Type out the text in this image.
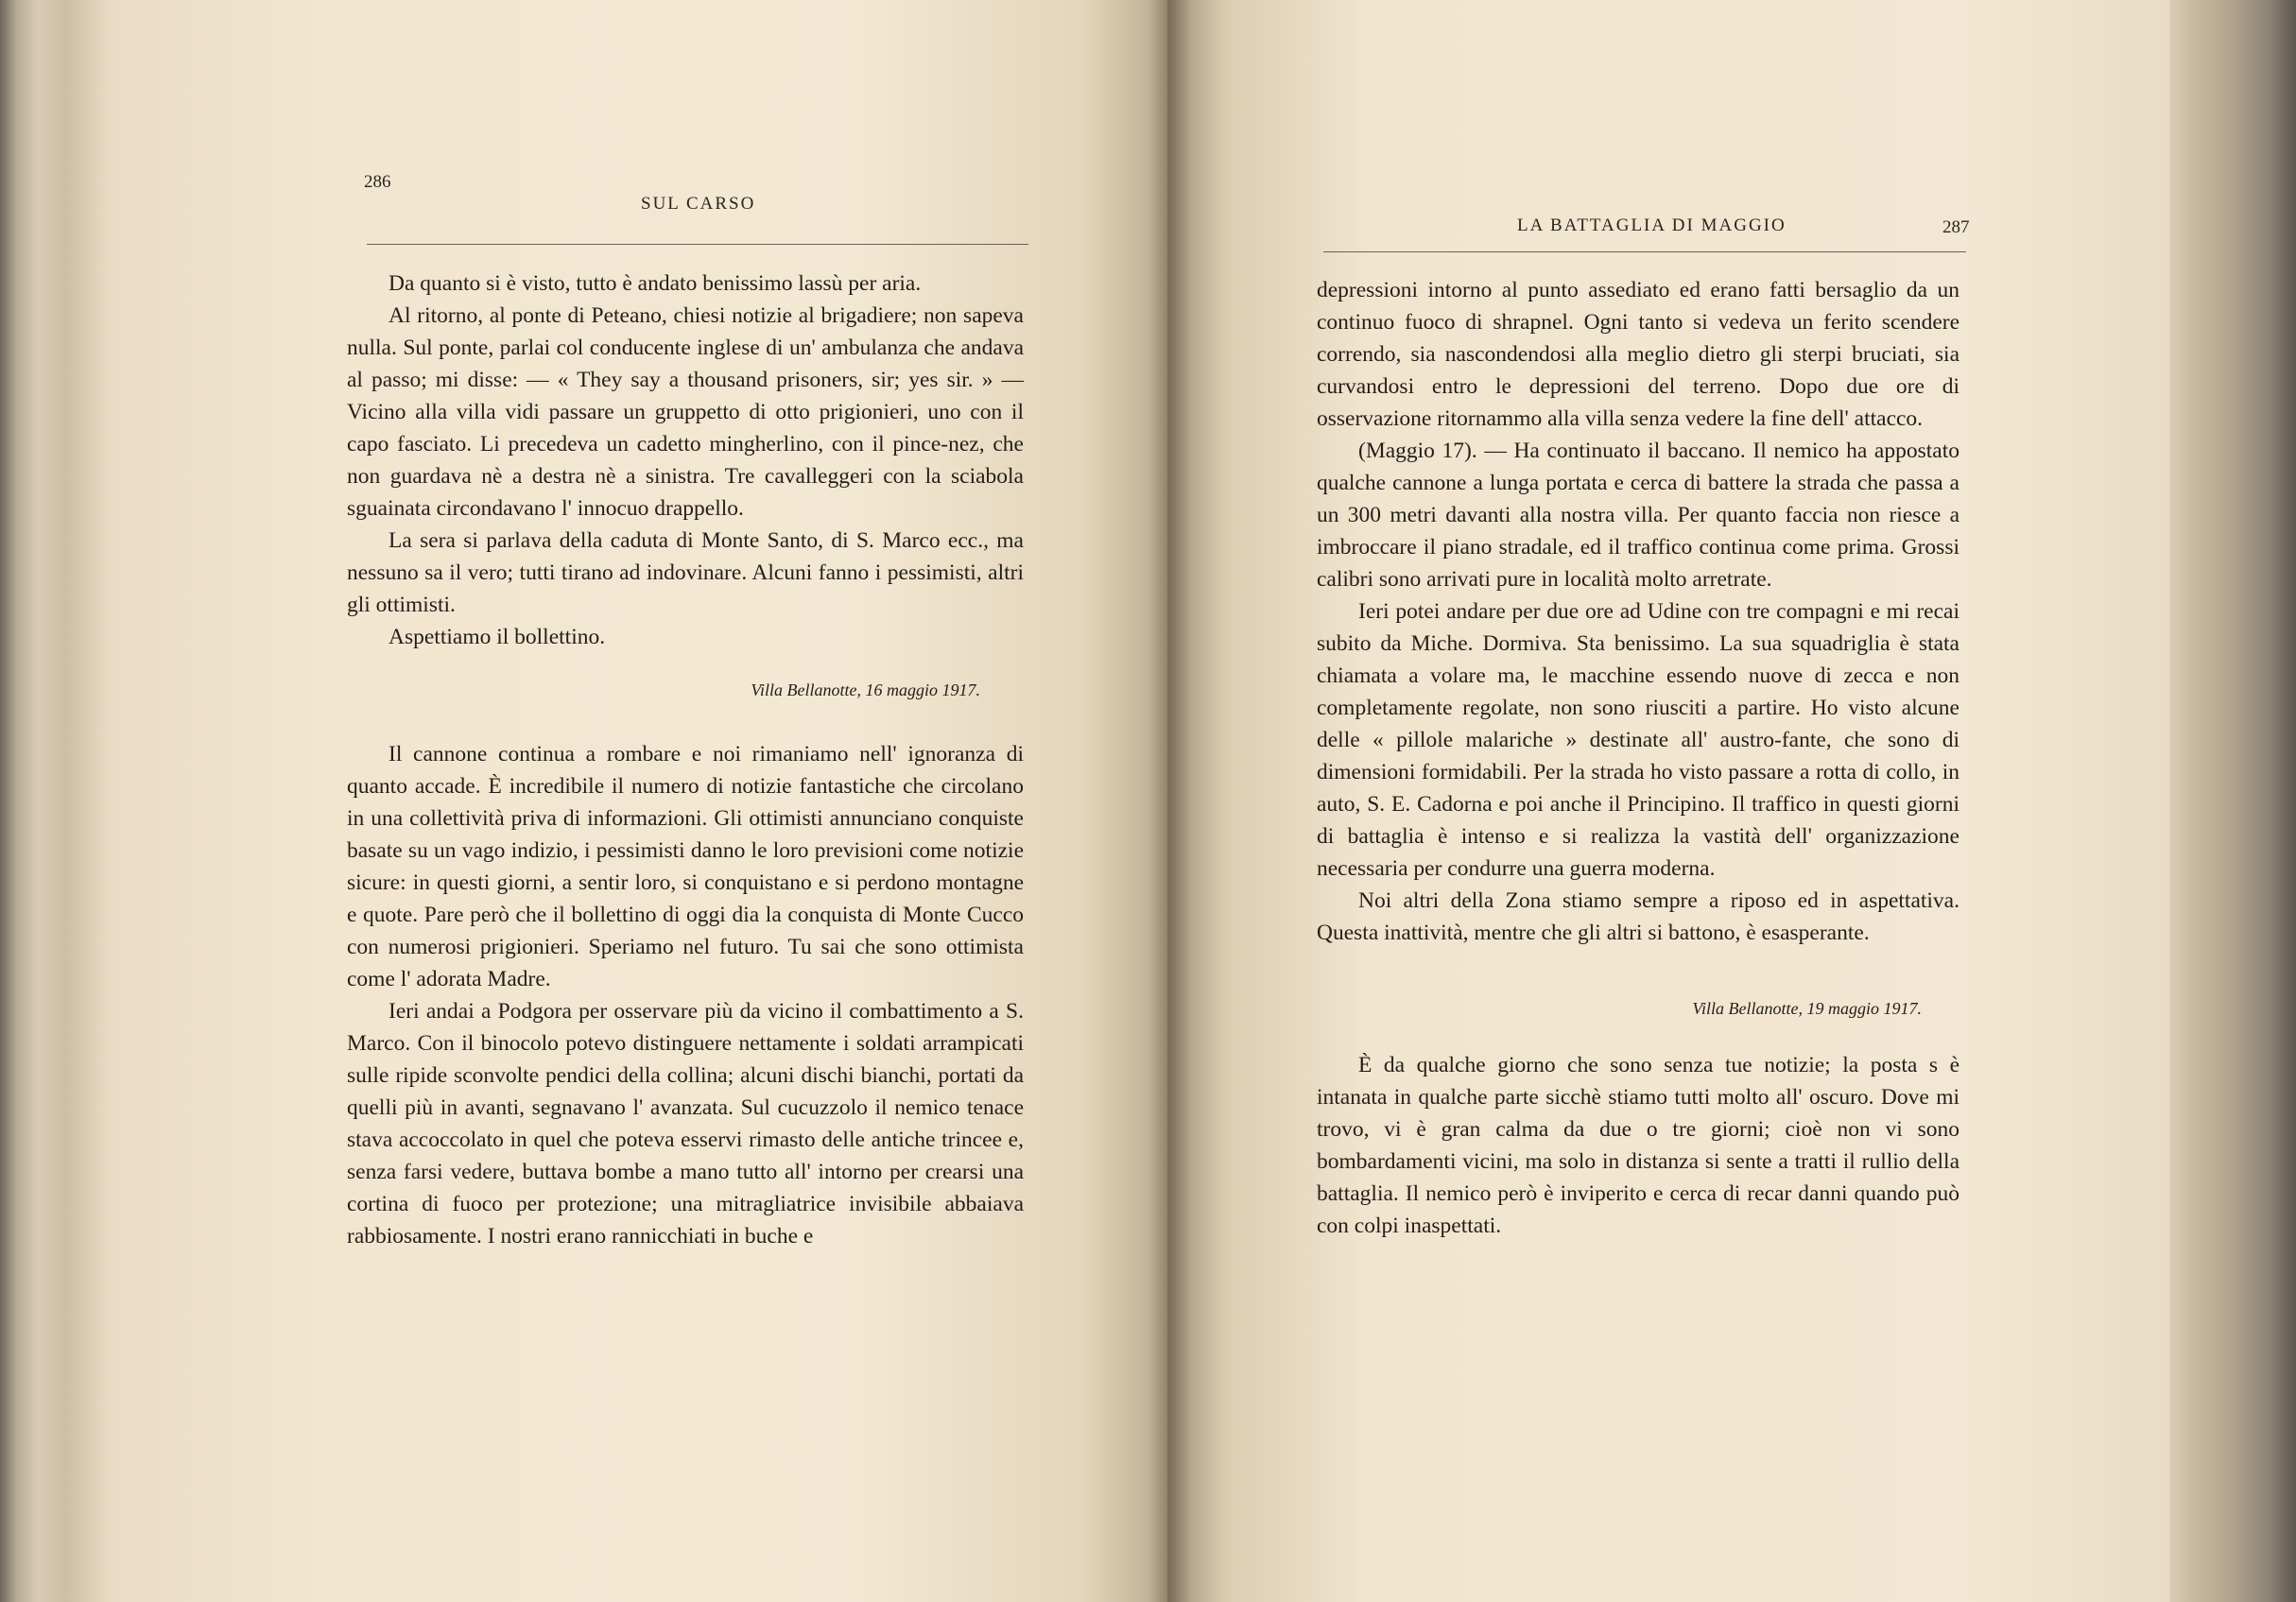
286
SUL CARSO

Da quanto si è visto, tutto è andato benissimo lassù per aria.

Al ritorno, al ponte di Peteano, chiesi notizie al brigadiere; non sapeva nulla. Sul ponte, parlai col conducente inglese di un' ambulanza che andava al passo; mi disse: — « They say a thousand prisoners, sir; yes sir. » — Vicino alla villa vidi passare un gruppetto di otto prigionieri, uno con il capo fasciato. Li precedeva un cadetto mingherlino, con il pince-nez, che non guardava nè a destra nè a sinistra. Tre cavalleggeri con la sciabola sguainata circondavano l' innocuo drappello.

La sera si parlava della caduta di Monte Santo, di S. Marco ecc., ma nessuno sa il vero; tutti tirano ad indovinare. Alcuni fanno i pessimisti, altri gli ottimisti.

Aspettiamo il bollettino.

Villa Bellanotte, 16 maggio 1917.

Il cannone continua a rombare e noi rimaniamo nell' ignoranza di quanto accade. È incredibile il numero di notizie fantastiche che circolano in una collettività priva di informazioni. Gli ottimisti annunciano conquiste basate su un vago indizio, i pessimisti danno le loro previsioni come notizie sicure: in questi giorni, a sentir loro, si conquistano e si perdono montagne e quote. Pare però che il bollettino di oggi dia la conquista di Monte Cucco con numerosi prigionieri. Speriamo nel futuro. Tu sai che sono ottimista come l' adorata Madre.

Ieri andai a Podgora per osservare più da vicino il combattimento a S. Marco. Con il binocolo potevo distinguere nettamente i soldati arrampicati sulle ripide sconvolte pendici della collina; alcuni dischi bianchi, portati da quelli più in avanti, segnavano l' avanzata. Sul cucuzzolo il nemico tenace stava accoccolato in quel che poteva esservi rimasto delle antiche trincee e, senza farsi vedere, buttava bombe a mano tutto all' intorno per crearsi una cortina di fuoco per protezione; una mitragliatrice invisibile abbaiava rabbiosamente. I nostri erano rannicchiati in buche e

LA BATTAGLIA DI MAGGIO	287

depressioni intorno al punto assediato ed erano fatti bersaglio da un continuo fuoco di shrapnel. Ogni tanto si vedeva un ferito scendere correndo, sia nascondendosi alla meglio dietro gli sterpi bruciati, sia curvandosi entro le depressioni del terreno. Dopo due ore di osservazione ritornammo alla villa senza vedere la fine dell' attacco.

(Maggio 17). — Ha continuato il baccano. Il nemico ha appostato qualche cannone a lunga portata e cerca di battere la strada che passa a un 300 metri davanti alla nostra villa. Per quanto faccia non riesce a imbroccare il piano stradale, ed il traffico continua come prima. Grossi calibri sono arrivati pure in località molto arretrate.

Ieri potei andare per due ore ad Udine con tre compagni e mi recai subito da Miche. Dormiva. Sta benissimo. La sua squadriglia è stata chiamata a volare ma, le macchine essendo nuove di zecca e non completamente regolate, non sono riusciti a partire. Ho visto alcune delle « pillole malariche » destinate all' austro-fante, che sono di dimensioni formidabili. Per la strada ho visto passare a rotta di collo, in auto, S. E. Cadorna e poi anche il Principino. Il traffico in questi giorni di battaglia è intenso e si realizza la vastità dell' organizzazione necessaria per condurre una guerra moderna.

Noi altri della Zona stiamo sempre a riposo ed in aspettativa. Questa inattività, mentre che gli altri si battono, è esasperante.

Villa Bellanotte, 19 maggio 1917.

È da qualche giorno che sono senza tue notizie; la posta s è intanata in qualche parte sicchè stiamo tutti molto all' oscuro. Dove mi trovo, vi è gran calma da due o tre giorni; cioè non vi sono bombardamenti vicini, ma solo in distanza si sente a tratti il rullio della battaglia. Il nemico però è inviperito e cerca di recar danni quando può con colpi inaspettati.
